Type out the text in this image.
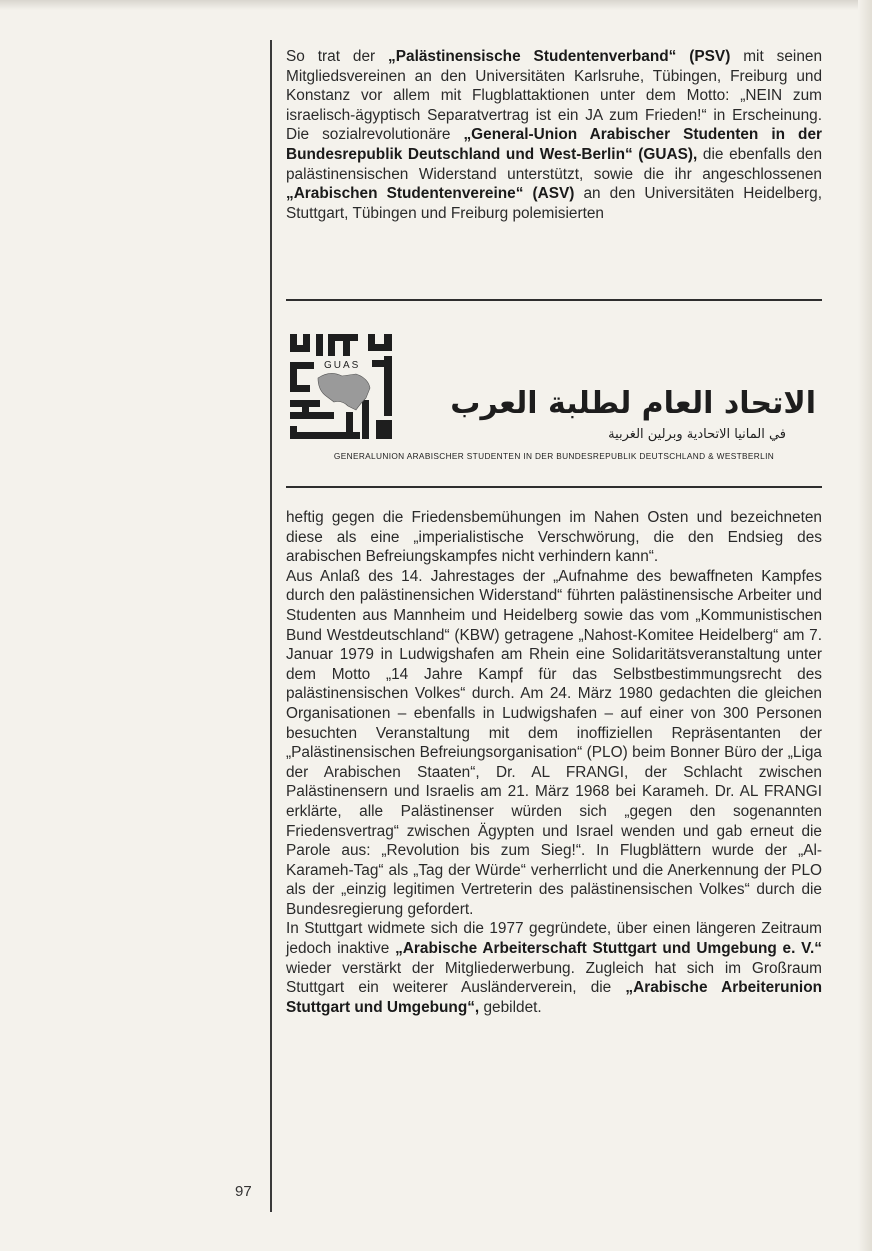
97

So trat der „Palästinensische Studentenverband“ (PSV) mit seinen Mitgliedsvereinen an den Universitäten Karlsruhe, Tübingen, Freiburg und Konstanz vor allem mit Flugblattaktionen unter dem Motto: „NEIN zum israelisch-ägyptisch Separatvertrag ist ein JA zum Frieden!“ in Erscheinung. Die sozialrevolutionäre „General-Union Arabischer Studenten in der Bundesrepublik Deutschland und West-Berlin“ (GUAS), die ebenfalls den palästinensischen Widerstand unterstützt, sowie die ihr angeschlossenen „Arabischen Studentenvereine“ (ASV) an den Universitäten Heidelberg, Stuttgart, Tübingen und Freiburg polemisierten

GUAS
الاتحاد العام لطلبة العرب
في المانيا الاتحادية وبرلين الغربية
GENERALUNION ARABISCHER STUDENTEN IN DER BUNDESREPUBLIK DEUTSCHLAND & WESTBERLIN

heftig gegen die Friedensbemühungen im Nahen Osten und bezeichneten diese als eine „imperialistische Verschwörung, die den Endsieg des arabischen Befreiungskampfes nicht verhindern kann“.

Aus Anlaß des 14. Jahrestages der „Aufnahme des bewaffneten Kampfes durch den palästinensichen Widerstand“ führten palästinensische Arbeiter und Studenten aus Mannheim und Heidelberg sowie das vom „Kommunistischen Bund Westdeutschland“ (KBW) getragene „Nahost-Komitee Heidelberg“ am 7. Januar 1979 in Ludwigshafen am Rhein eine Solidaritätsveranstaltung unter dem Motto „14 Jahre Kampf für das Selbstbestimmungsrecht des palästinensischen Volkes“ durch. Am 24. März 1980 gedachten die gleichen Organisationen – ebenfalls in Ludwigshafen – auf einer von 300 Personen besuchten Veranstaltung mit dem inoffiziellen Repräsentanten der „Palästinensischen Befreiungsorganisation“ (PLO) beim Bonner Büro der „Liga der Arabischen Staaten“, Dr. AL FRANGI, der Schlacht zwischen Palästinensern und Israelis am 21. März 1968 bei Karameh. Dr. AL FRANGI erklärte, alle Palästinenser würden sich „gegen den sogenannten Friedensvertrag“ zwischen Ägypten und Israel wenden und gab erneut die Parole aus: „Revolution bis zum Sieg!“. In Flugblättern wurde der „Al-Karameh-Tag“ als „Tag der Würde“ verherrlicht und die Anerkennung der PLO als der „einzig legitimen Vertreterin des palästinensischen Volkes“ durch die Bundesregierung gefordert.

In Stuttgart widmete sich die 1977 gegründete, über einen längeren Zeitraum jedoch inaktive „Arabische Arbeiterschaft Stuttgart und Umgebung e. V.“ wieder verstärkt der Mitgliederwerbung. Zugleich hat sich im Großraum Stuttgart ein weiterer Ausländerverein, die „Arabische Arbeiterunion Stuttgart und Umgebung“, gebildet.
